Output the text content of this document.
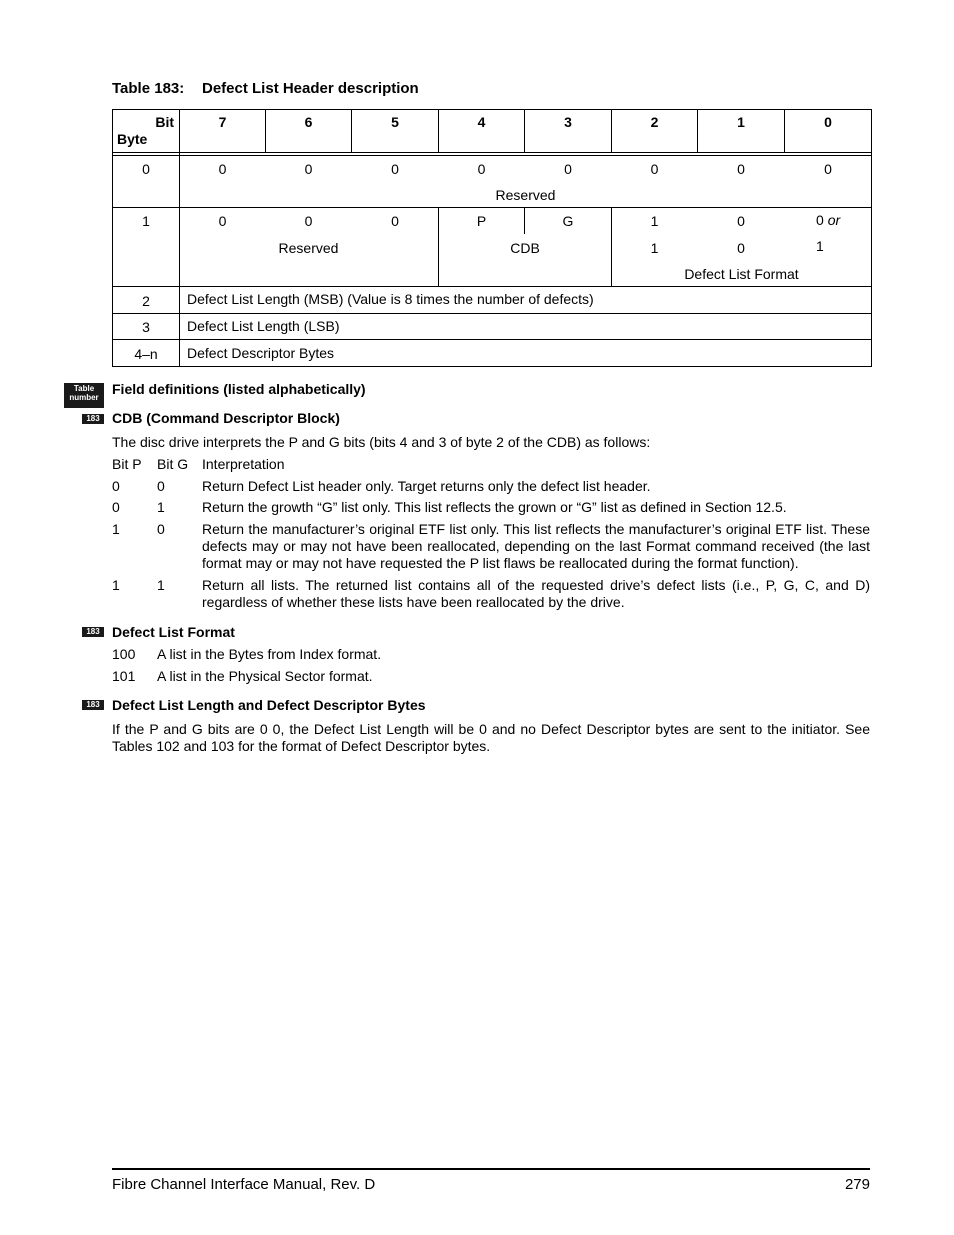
Table 183: Defect List Header description
Bit
Byte
7	6	5	4	3	2	1	0
0	0	0	0	0	0	0	0	0
Reserved
1	0	0	0	P	G	1	0	0 or
Reserved	CDB	1	0	1
Defect List Format
2	Defect List Length (MSB) (Value is 8 times the number of defects)
3	Defect List Length (LSB)
4–n	Defect Descriptor Bytes
Table
number
Field definitions (listed alphabetically)
183 CDB (Command Descriptor Block)
The disc drive interprets the P and G bits (bits 4 and 3 of byte 2 of the CDB) as follows:
Bit P Bit G Interpretation
0	0	Return Defect List header only. Target returns only the defect list header.
0	1	Return the growth “G” list only. This list reflects the grown or “G” list as defined in Section 12.5.
1	0	Return the manufacturer’s original ETF list only. This list reflects the manufacturer’s original ETF list. These defects may or may not have been reallocated, depending on the last Format command received (the last format may or may not have requested the P list flaws be reallocated during the format function).
1	1	Return all lists. The returned list contains all of the requested drive’s defect lists (i.e., P, G, C, and D) regardless of whether these lists have been reallocated by the drive.
183 Defect List Format
100 A list in the Bytes from Index format.
101 A list in the Physical Sector format.
183 Defect List Length and Defect Descriptor Bytes
If the P and G bits are 0 0, the Defect List Length will be 0 and no Defect Descriptor bytes are sent to the initiator. See Tables 102 and 103 for the format of Defect Descriptor bytes.
Fibre Channel Interface Manual, Rev. D	279
